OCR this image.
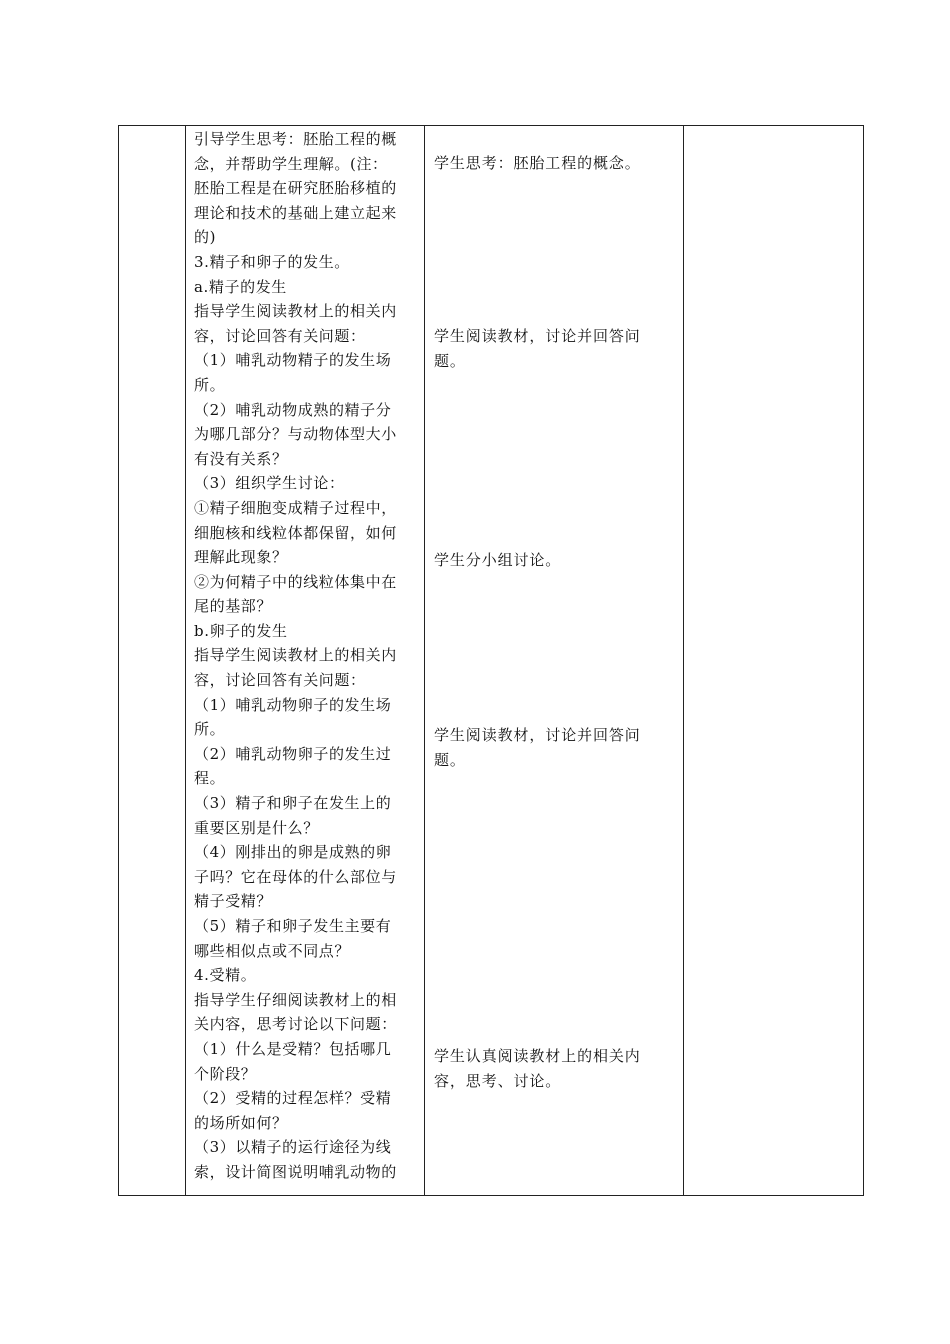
引导学生思考：胚胎工程的概
念，并帮助学生理解。(注：
胚胎工程是在研究胚胎移植的
理论和技术的基础上建立起来
的)
3.精子和卵子的发生。
a.精子的发生
指导学生阅读教材上的相关内
容，讨论回答有关问题：
（1）哺乳动物精子的发生场
所。
（2）哺乳动物成熟的精子分
为哪几部分？与动物体型大小
有没有关系？
（3）组织学生讨论：
①精子细胞变成精子过程中，
细胞核和线粒体都保留，如何
理解此现象？
②为何精子中的线粒体集中在
尾的基部？
b.卵子的发生
指导学生阅读教材上的相关内
容，讨论回答有关问题：
（1）哺乳动物卵子的发生场
所。
（2）哺乳动物卵子的发生过
程。
（3）精子和卵子在发生上的
重要区别是什么？
（4）刚排出的卵是成熟的卵
子吗？它在母体的什么部位与
精子受精？
（5）精子和卵子发生主要有
哪些相似点或不同点？
4.受精。
指导学生仔细阅读教材上的相
关内容，思考讨论以下问题：
（1）什么是受精？包括哪几
个阶段？
（2）受精的过程怎样？受精
的场所如何？
（3）以精子的运行途径为线
索，设计简图说明哺乳动物的
学生思考：胚胎工程的概念。
学生阅读教材，讨论并回答问
题。
学生分小组讨论。
学生阅读教材，讨论并回答问
题。
学生认真阅读教材上的相关内
容，思考、讨论。
